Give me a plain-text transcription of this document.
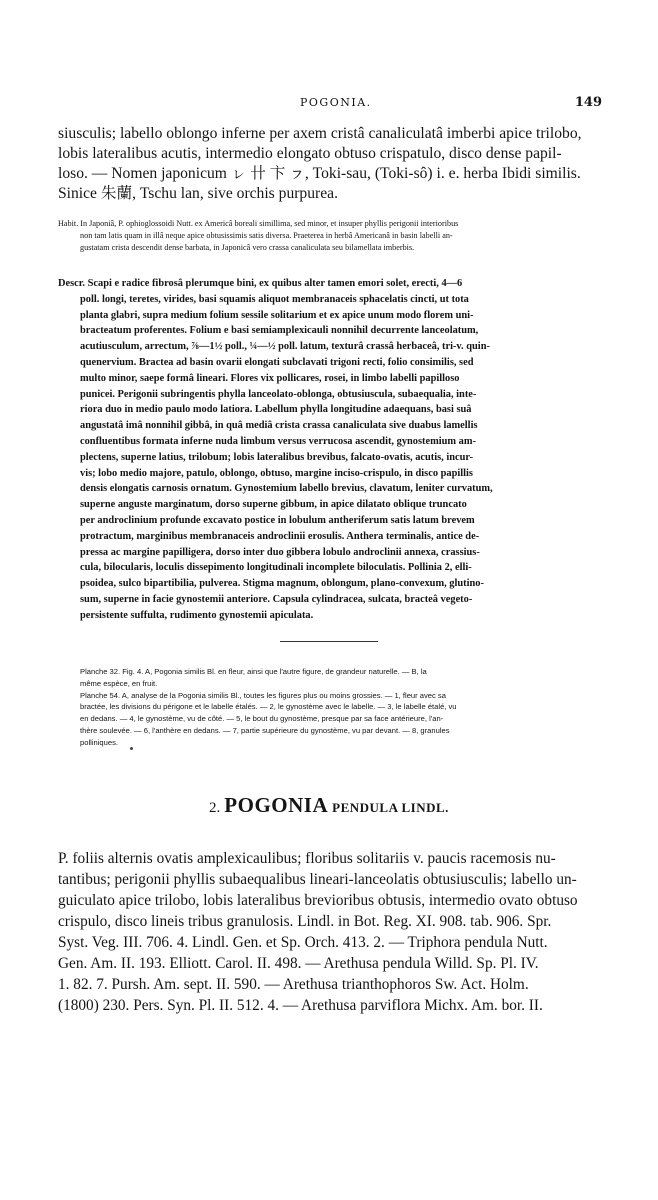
POGONIA.	149
siusculis; labello oblongo inferne per axem cristâ canaliculatâ imberbi apice trilobo,
lobis lateralibus acutis, intermedio elongato obtuso crispatulo, disco dense papil-
loso. — Nomen japonicum ㇾ 卄 卞 ㇷ, Toki-sau, (Toki-sô) i. e. herba Ibidi similis.
Sinice 朱蘭, Tschu lan, sive orchis purpurea.
Habit. In Japoniâ, P. ophioglossoidi Nutt. ex Americâ boreali simillima, sed minor, et insuper phyllis perigonii interioribus
non tam latis quam in illâ neque apice obtusissimis satis diversa. Praeterea in herbâ Americanâ in basin labelli an-
gustatam crista descendit dense barbata, in Japonicâ vero crassa canaliculata seu bilamellata imberbis.
Descr. Scapi e radice fibrosâ plerumque bini, ex quibus alter tamen emori solet, erecti, 4—6
poll. longi, teretes, virides, basi squamis aliquot membranaceis sphacelatis cincti, ut tota
planta glabri, supra medium folium sessile solitarium et ex apice unum modo florem uni-
bracteatum proferentes. Folium e basi semiamplexicauli nonnihil decurrente lanceolatum,
acutiusculum, arrectum, ⅞—1½ poll., ¼—½ poll. latum, texturâ crassâ herbaceâ, tri-v. quin-
quenervium. Bractea ad basin ovarii elongati subclavati trigoni recti, folio consimilis, sed
multo minor, saepe formâ lineari. Flores vix pollicares, rosei, in limbo labelli papilloso
punicei. Perigonii subringentis phylla lanceolato-oblonga, obtusiuscula, subaequalia, inte-
riora duo in medio paulo modo latiora. Labellum phylla longitudine adaequans, basi suâ
angustatâ imâ nonnihil gibbâ, in quâ mediâ crista crassa canaliculata sive duabus lamellis
confluentibus formata inferne nuda limbum versus verrucosa ascendit, gynostemium am-
plectens, superne latius, trilobum; lobis lateralibus brevibus, falcato-ovatis, acutis, incur-
vis; lobo medio majore, patulo, oblongo, obtuso, margine inciso-crispulo, in disco papillis
densis elongatis carnosis ornatum. Gynostemium labello brevius, clavatum, leniter curvatum,
superne anguste marginatum, dorso superne gibbum, in apice dilatato oblique truncato
per androclinium profunde excavato postice in lobulum antheriferum satis latum brevem
protractum, marginibus membranaceis androclinii erosulis. Anthera terminalis, antice de-
pressa ac margine papilligera, dorso inter duo gibbera lobulo androclinii annexa, crassius-
cula, bilocularis, loculis dissepimento longitudinali incomplete biloculatis. Pollinia 2, elli-
psoidea, sulco bipartibilia, pulverea. Stigma magnum, oblongum, plano-convexum, glutino-
sum, superne in facie gynostemii anteriore. Capsula cylindracea, sulcata, bracteâ vegeto-
persistente suffulta, rudimento gynostemii apiculata.
Planche 32. Fig. 4. A, Pogonia similis Bl. en fleur, ainsi que l'autre figure, de grandeur naturelle. — B, la
même espèce, en fruit.
Planche 54. A, analyse de la Pogonia similis Bl., toutes les figures plus ou moins grossies. — 1, fleur avec sa
bractée, les divisions du périgone et le labelle étalés. — 2, le gynostème avec le labelle. — 3, le labelle étalé, vu
en dedans. — 4, le gynostème, vu de côté. — 5, le bout du gynostème, presque par sa face antérieure, l'an-
thère soulevée. — 6, l'anthère en dedans. — 7, partie supérieure du gynostème, vu par devant. — 8, granules
polliniques.
2. POGONIA PENDULA LINDL.
P. foliis alternis ovatis amplexicaulibus; floribus solitariis v. paucis racemosis nu-
tantibus; perigonii phyllis subaequalibus lineari-lanceolatis obtusiusculis; labello un-
guiculato apice trilobo, lobis lateralibus brevioribus obtusis, intermedio ovato obtuso
crispulo, disco lineis tribus granulosis. Lindl. in Bot. Reg. XI. 908. tab. 906. Spr.
Syst. Veg. III. 706. 4. Lindl. Gen. et Sp. Orch. 413. 2. — Triphora pendula Nutt.
Gen. Am. II. 193. Elliott. Carol. II. 498. — Arethusa pendula Willd. Sp. Pl. IV.
1. 82. 7. Pursh. Am. sept. II. 590. — Arethusa trianthophoros Sw. Act. Holm.
(1800) 230. Pers. Syn. Pl. II. 512. 4. — Arethusa parviflora Michx. Am. bor. II.
